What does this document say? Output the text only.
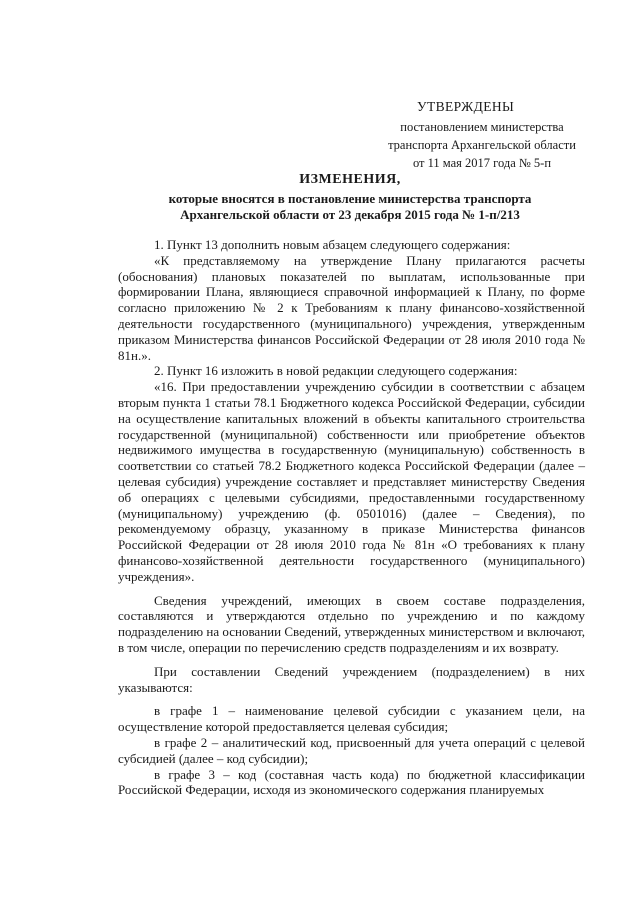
УТВЕРЖДЕНЫ
постановлением министерства
транспорта Архангельской области
от 11 мая 2017 года № 5-п
ИЗМЕНЕНИЯ,
которые вносятся в постановление министерства транспорта
Архангельской области от 23 декабря 2015 года № 1-п/213

1. Пункт 13 дополнить новым абзацем следующего содержания:

«К представляемому на утверждение Плану прилагаются расчеты (обоснования) плановых показателей по выплатам, использованные при формировании Плана, являющиеся справочной информацией к Плану, по форме согласно приложению № 2 к Требованиям к плану финансово-хозяйственной деятельности государственного (муниципального) учреждения, утвержденным приказом Министерства финансов Российской Федерации от 28 июля 2010 года № 81н.».

2. Пункт 16 изложить в новой редакции следующего содержания:

«16. При предоставлении учреждению субсидии в соответствии с абзацем вторым пункта 1 статьи 78.1 Бюджетного кодекса Российской Федерации, субсидии на осуществление капитальных вложений в объекты капитального строительства государственной (муниципальной) собственности или приобретение объектов недвижимого имущества в государственную (муниципальную) собственность в соответствии со статьей 78.2 Бюджетного кодекса Российской Федерации (далее – целевая субсидия) учреждение составляет и представляет министерству Сведения об операциях с целевыми субсидиями, предоставленными государственному (муниципальному) учреждению (ф. 0501016) (далее – Сведения), по рекомендуемому образцу, указанному в приказе Министерства финансов Российской Федерации от 28 июля 2010 года № 81н «О требованиях к плану финансово-хозяйственной деятельности государственного (муниципального) учреждения».

Сведения учреждений, имеющих в своем составе подразделения, составляются и утверждаются отдельно по учреждению и по каждому подразделению на основании Сведений, утвержденных министерством и включают, в том числе, операции по перечислению средств подразделениям и их возврату.

При составлении Сведений учреждением (подразделением) в них указываются:

в графе 1 – наименование целевой субсидии с указанием цели, на осуществление которой предоставляется целевая субсидия;

в графе 2 – аналитический код, присвоенный для учета операций с целевой субсидией (далее – код субсидии);

в графе 3 – код (составная часть кода) по бюджетной классификации Российской Федерации, исходя из экономического содержания планируемых
